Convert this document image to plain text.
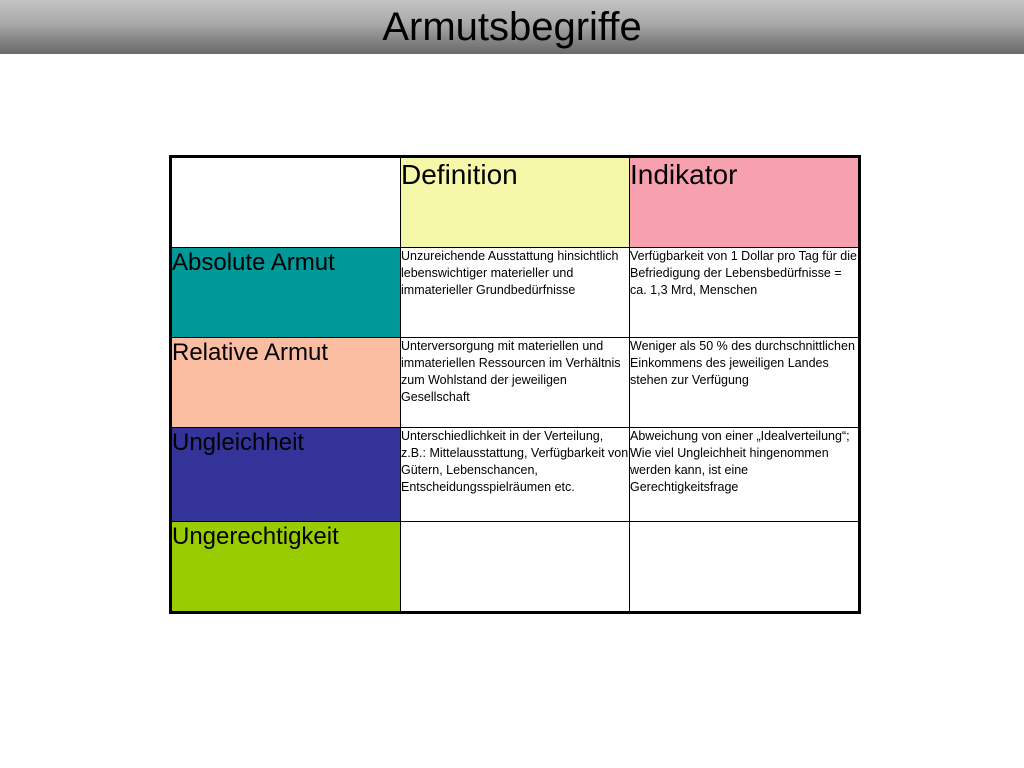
Armutsbegriffe
	Definition	Indikator
Absolute Armut	Unzureichende Ausstattung hinsichtlich lebenswichtiger materieller und immaterieller Grundbedürfnisse	Verfügbarkeit von 1 Dollar pro Tag für die Befriedigung der Lebensbedürfnisse = ca. 1,3 Mrd, Menschen
Relative Armut	Unterversorgung mit materiellen und immateriellen Ressourcen im Verhältnis zum Wohlstand der jeweiligen Gesellschaft	Weniger als 50 % des durchschnittlichen Einkommens des jeweiligen Landes stehen zur Verfügung
Ungleichheit	Unterschiedlichkeit in der Verteilung, z.B.: Mittelausstattung, Verfügbarkeit von Gütern, Lebenschancen, Entscheidungsspielräumen etc.	Abweichung von einer „Idealverteilung“; Wie viel Ungleichheit hingenommen werden kann, ist eine Gerechtigkeitsfrage
Ungerechtigkeit		
